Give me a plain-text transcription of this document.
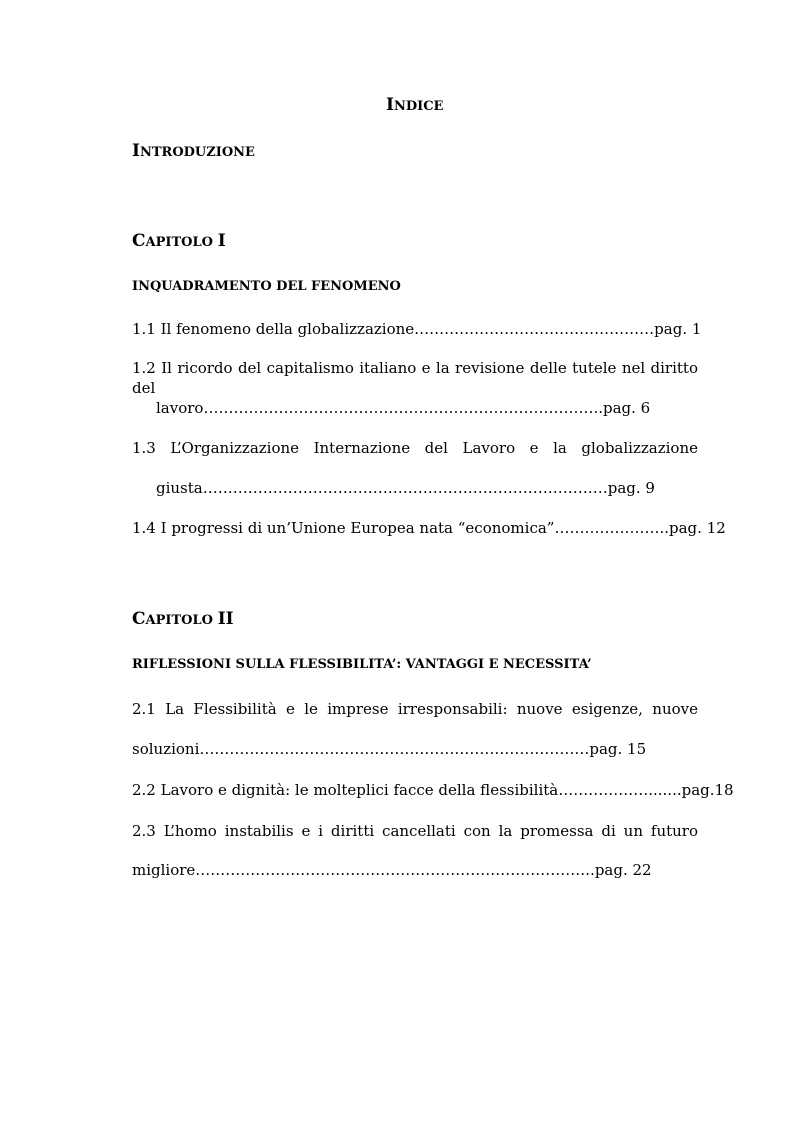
INDICE
INTRODUZIONE
CAPITOLO I
INQUADRAMENTO DEL FENOMENO
1.1 Il fenomeno della globalizzazione…………………………………………pag. 1
1.2 Il ricordo del capitalismo italiano e la revisione delle tutele nel diritto del
lavoro……………………………………………………………………..pag. 6
1.3 L’Organizzazione Internazione del Lavoro e la globalizzazione
giusta………………………………………………………………………pag. 9
1.4 I progressi di un’Unione Europea nata “economica”…………………..pag. 12
CAPITOLO II
RIFLESSIONI SULLA FLESSIBILITA’: VANTAGGI E NECESSITA’
2.1 La Flessibilità e le imprese irresponsabili: nuove esigenze, nuove
soluzioni……………………………………………………………………pag. 15
2.2 Lavoro e dignità: le molteplici facce della flessibilità……………….......pag.18
2.3 L’homo instabilis e i diritti cancellati con la promessa di un futuro
migliore……………………………………………………………………..pag. 22
